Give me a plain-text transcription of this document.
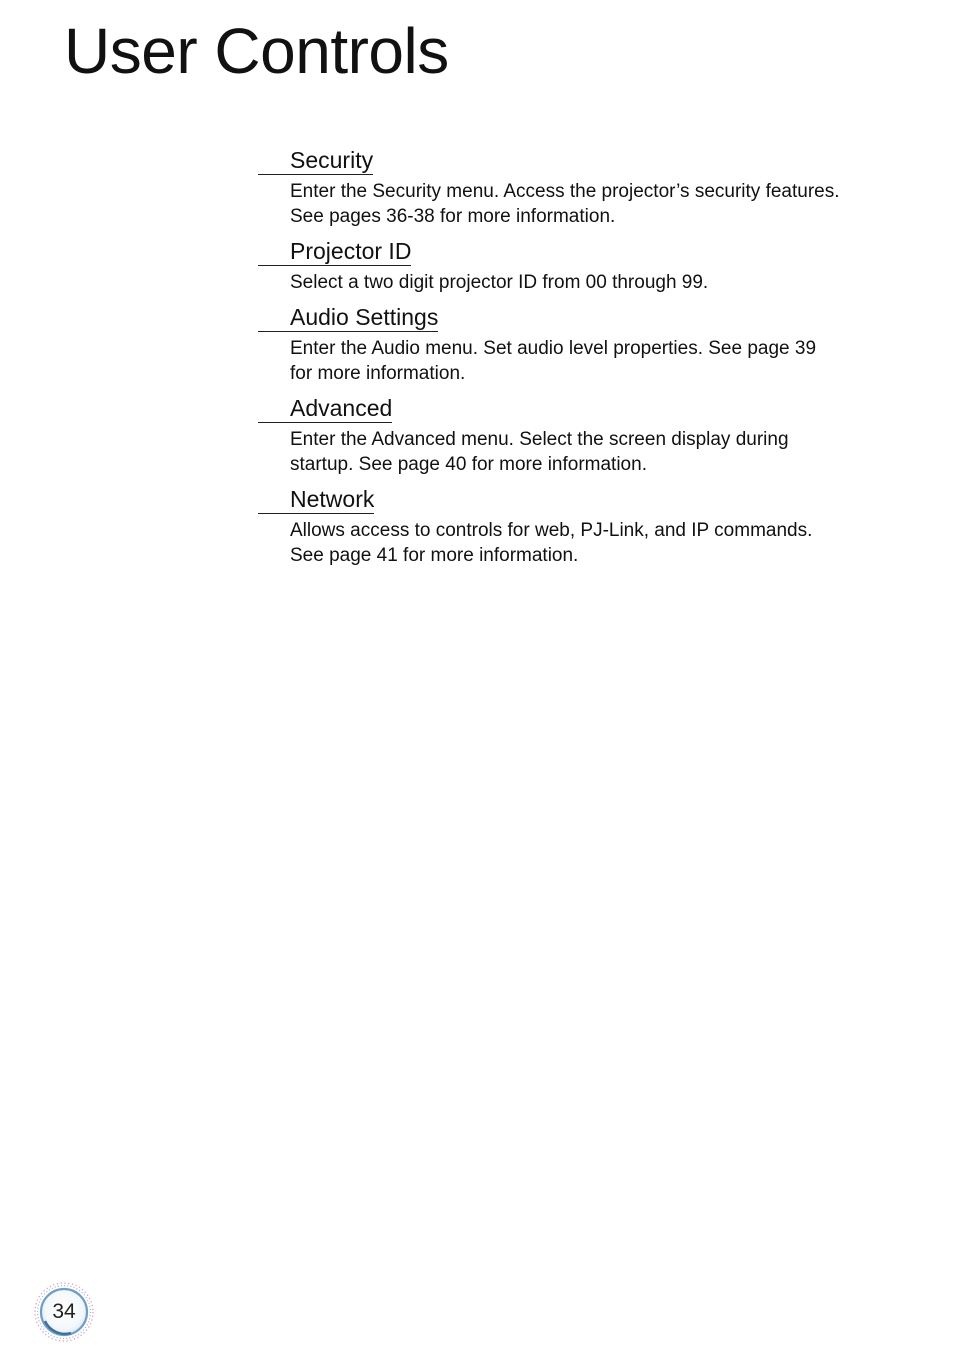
User Controls
Security
Enter the Security menu. Access the projector’s security features.
See pages 36-38 for more information.
Projector ID
Select a two digit projector ID from 00 through 99.
Audio Settings
Enter the Audio menu. Set audio level properties. See page 39
for more information.
Advanced
Enter the Advanced menu. Select the screen display during
startup. See page 40 for more information.
Network
Allows access to controls for web, PJ-Link, and IP commands.
See page 41 for more information.
34
